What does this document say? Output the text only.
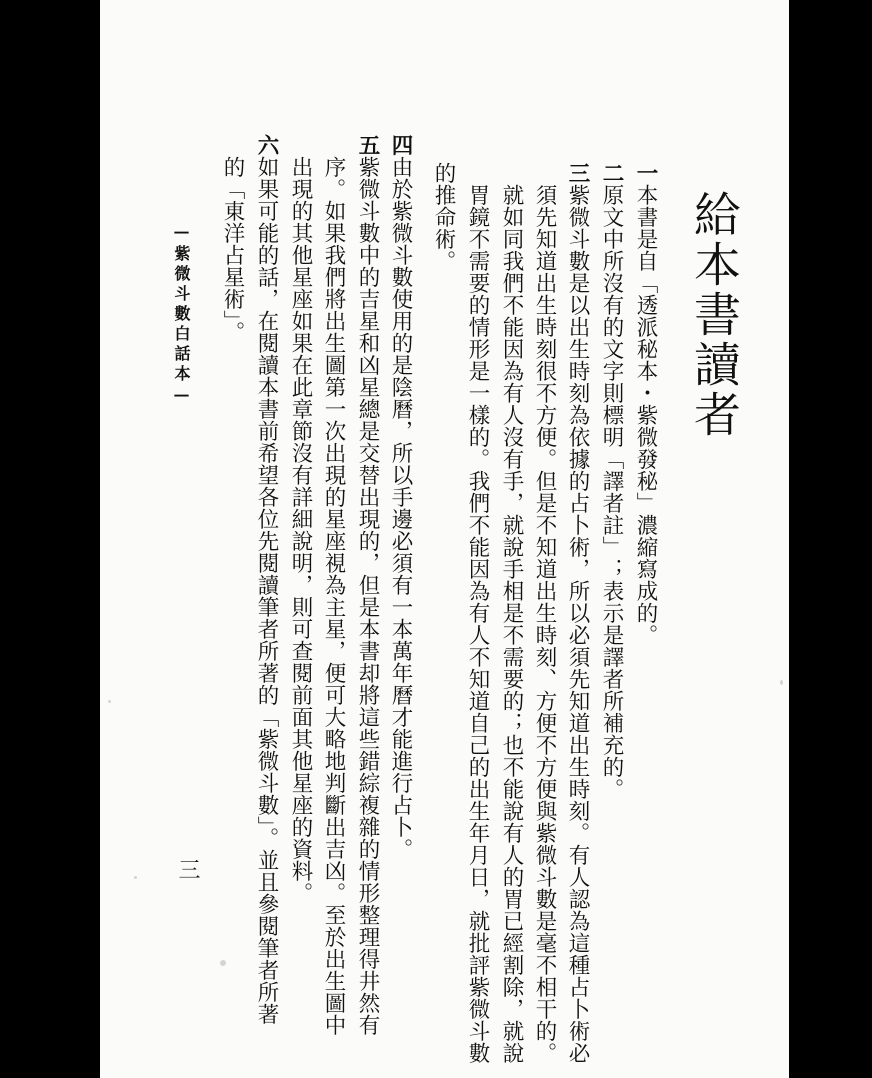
給本書讀者
一本書是自「透派秘本・紫微發秘」濃縮寫成的。
二原文中所沒有的文字則標明「譯者註」；表示是譯者所補充的。
三紫微斗數是以出生時刻為依據的占卜術，所以必須先知道出生時刻。有人認為這種占卜術必
須先知道出生時刻很不方便。但是不知道出生時刻、方便不方便與紫微斗數是毫不相干的。
就如同我們不能因為有人沒有手，就說手相是不需要的；也不能說有人的胃已經割除，就說
胃鏡不需要的情形是一樣的。我們不能因為有人不知道自己的出生年月日，就批評紫微斗數
的推命術。
四由於紫微斗數使用的是陰曆，所以手邊必須有一本萬年曆才能進行占卜。
五紫微斗數中的吉星和凶星總是交替出現的，但是本書却將這些錯綜複雜的情形整理得井然有
序。如果我們將出生圖第一次出現的星座視為主星，便可大略地判斷出吉凶。至於出生圖中
出現的其他星座如果在此章節沒有詳細說明，則可查閱前面其他星座的資料。
六如果可能的話，在閱讀本書前希望各位先閱讀筆者所著的「紫微斗數」。並且參閱筆者所著
的「東洋占星術」。
—紫微斗數白話本—
三
